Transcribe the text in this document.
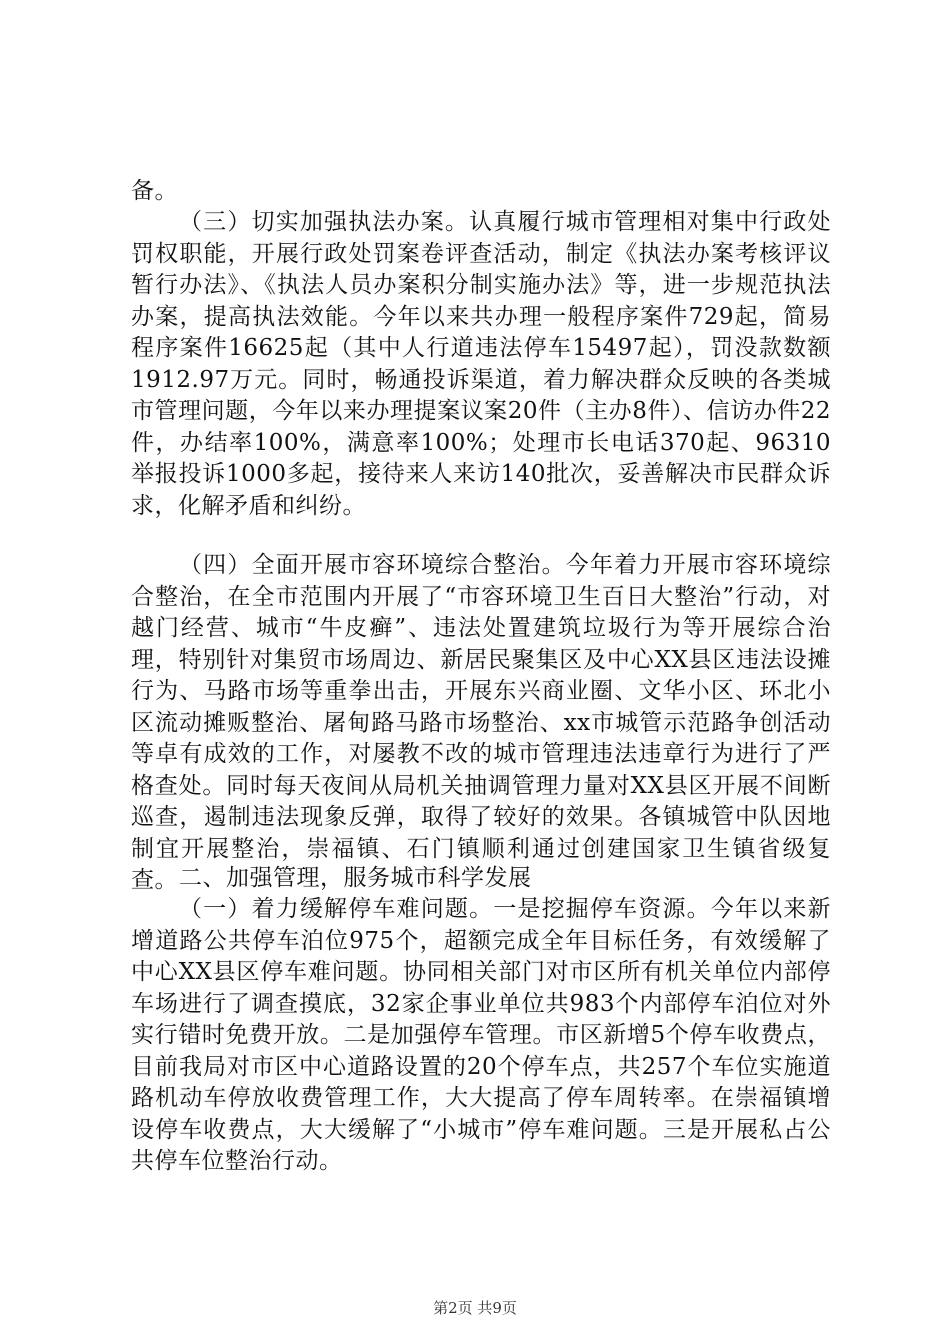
备。

（三）切实加强执法办案。认真履行城市管理相对集中行政处罚权职能，开展行政处罚案卷评查活动，制定《执法办案考核评议暂行办法》、《执法人员办案积分制实施办法》等，进一步规范执法办案，提高执法效能。今年以来共办理一般程序案件729起，简易程序案件16625起（其中人行道违法停车15497起），罚没款数额1912.97万元。同时，畅通投诉渠道，着力解决群众反映的各类城市管理问题，今年以来办理提案议案20件（主办8件）、信访办件22件，办结率100%，满意率100%；处理市长电话370起、96310举报投诉1000多起，接待来人来访140批次，妥善解决市民群众诉求，化解矛盾和纠纷。

（四）全面开展市容环境综合整治。今年着力开展市容环境综合整治，在全市范围内开展了“市容环境卫生百日大整治”行动，对越门经营、城市“牛皮癣”、违法处置建筑垃圾行为等开展综合治理，特别针对集贸市场周边、新居民聚集区及中心XX县区违法设摊行为、马路市场等重拳出击，开展东兴商业圈、文华小区、环北小区流动摊贩整治、屠甸路马路市场整治、xx市城管示范路争创活动等卓有成效的工作，对屡教不改的城市管理违法违章行为进行了严格查处。同时每天夜间从局机关抽调管理力量对XX县区开展不间断巡查，遏制违法现象反弹，取得了较好的效果。各镇城管中队因地制宜开展整治，崇福镇、石门镇顺利通过创建国家卫生镇省级复查。 二、加强管理，服务城市科学发展

（一）着力缓解停车难问题。一是挖掘停车资源。今年以来新增道路公共停车泊位975个，超额完成全年目标任务，有效缓解了中心XX县区停车难问题。协同相关部门对市区所有机关单位内部停车场进行了调查摸底，32家企事业单位共983个内部停车泊位对外实行错时免费开放。二是加强停车管理。市区新增5个停车收费点，目前我局对市区中心道路设置的20个停车点，共257个车位实施道路机动车停放收费管理工作，大大提高了停车周转率。在崇福镇增设停车收费点，大大缓解了“小城市”停车难问题。三是开展私占公共停车位整治行动。

第2页 共9页
